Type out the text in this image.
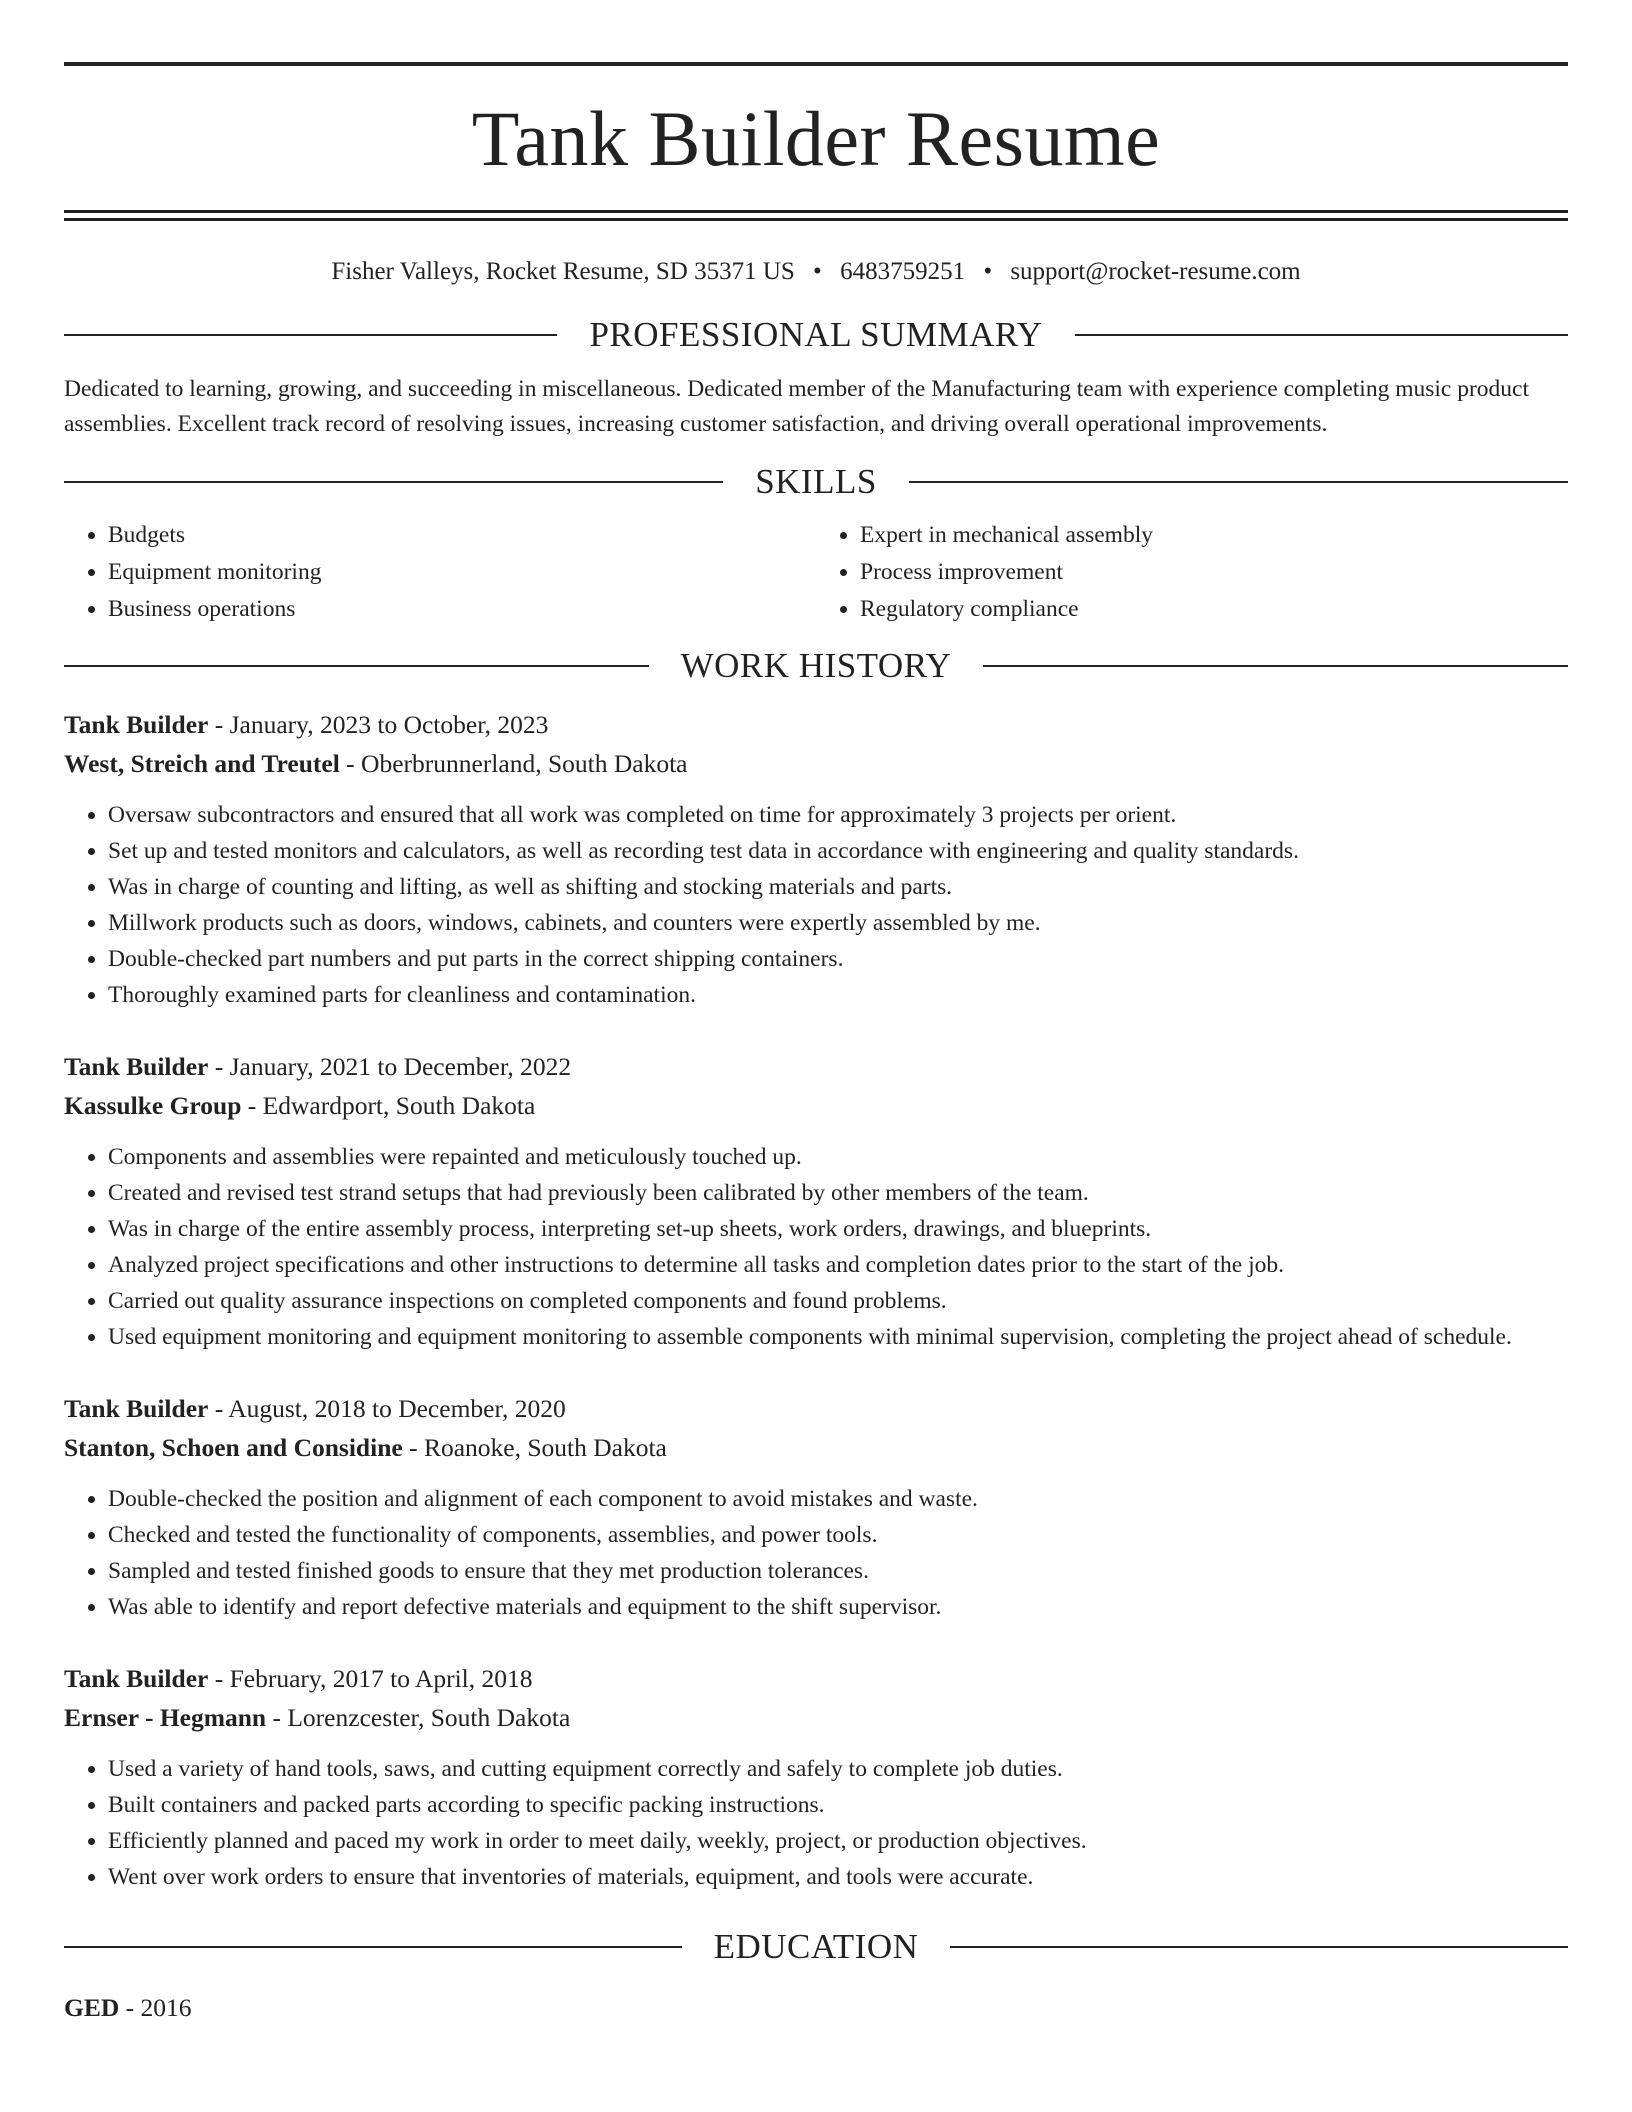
Tank Builder Resume
Fisher Valleys, Rocket Resume, SD 35371 US • 6483759251 • support@rocket-resume.com
PROFESSIONAL SUMMARY

Dedicated to learning, growing, and succeeding in miscellaneous. Dedicated member of the Manufacturing team with experience completing music product assemblies. Excellent track record of resolving issues, increasing customer satisfaction, and driving overall operational improvements.

SKILLS
• Budgets
• Equipment monitoring
• Business operations
• Expert in mechanical assembly
• Process improvement
• Regulatory compliance
WORK HISTORY
Tank Builder - January, 2023 to October, 2023
West, Streich and Treutel - Oberbrunnerland, South Dakota
• Oversaw subcontractors and ensured that all work was completed on time for approximately 3 projects per orient.
• Set up and tested monitors and calculators, as well as recording test data in accordance with engineering and quality standards.
• Was in charge of counting and lifting, as well as shifting and stocking materials and parts.
• Millwork products such as doors, windows, cabinets, and counters were expertly assembled by me.
• Double-checked part numbers and put parts in the correct shipping containers.
• Thoroughly examined parts for cleanliness and contamination.
Tank Builder - January, 2021 to December, 2022
Kassulke Group - Edwardport, South Dakota
• Components and assemblies were repainted and meticulously touched up.
• Created and revised test strand setups that had previously been calibrated by other members of the team.
• Was in charge of the entire assembly process, interpreting set-up sheets, work orders, drawings, and blueprints.
• Analyzed project specifications and other instructions to determine all tasks and completion dates prior to the start of the job.
• Carried out quality assurance inspections on completed components and found problems.
• Used equipment monitoring and equipment monitoring to assemble components with minimal supervision, completing the project ahead of schedule.
Tank Builder - August, 2018 to December, 2020
Stanton, Schoen and Considine - Roanoke, South Dakota
• Double-checked the position and alignment of each component to avoid mistakes and waste.
• Checked and tested the functionality of components, assemblies, and power tools.
• Sampled and tested finished goods to ensure that they met production tolerances.
• Was able to identify and report defective materials and equipment to the shift supervisor.
Tank Builder - February, 2017 to April, 2018
Ernser - Hegmann - Lorenzcester, South Dakota
• Used a variety of hand tools, saws, and cutting equipment correctly and safely to complete job duties.
• Built containers and packed parts according to specific packing instructions.
• Efficiently planned and paced my work in order to meet daily, weekly, project, or production objectives.
• Went over work orders to ensure that inventories of materials, equipment, and tools were accurate.
EDUCATION
GED - 2016
